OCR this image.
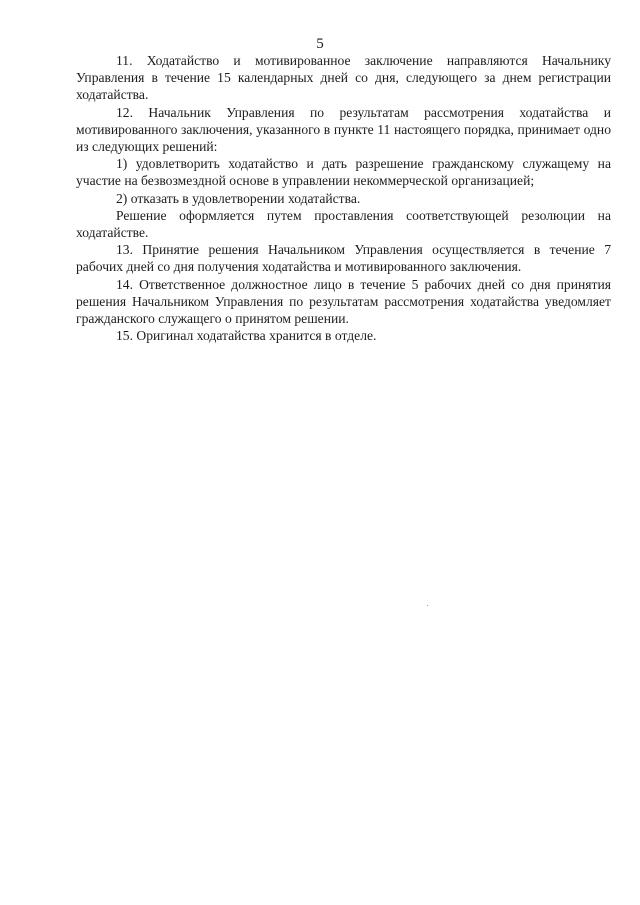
5

11. Ходатайство и мотивированное заключение направляются Начальнику Управления в течение 15 календарных дней со дня, следующего за днем регистрации ходатайства.

12. Начальник Управления по результатам рассмотрения ходатайства и мотивированного заключения, указанного в пункте 11 настоящего порядка, принимает одно из следующих решений:

1) удовлетворить ходатайство и дать разрешение гражданскому служащему на участие на безвозмездной основе в управлении некоммерческой организацией;

2) отказать в удовлетворении ходатайства.

Решение оформляется путем проставления соответствующей резолюции на ходатайстве.

13. Принятие решения Начальником Управления осуществляется в течение 7 рабочих дней со дня получения ходатайства и мотивированного заключения.

14. Ответственное должностное лицо в течение 5 рабочих дней со дня принятия решения Начальником Управления по результатам рассмотрения ходатайства уведомляет гражданского служащего о принятом решении.

15. Оригинал ходатайства хранится в отделе.
